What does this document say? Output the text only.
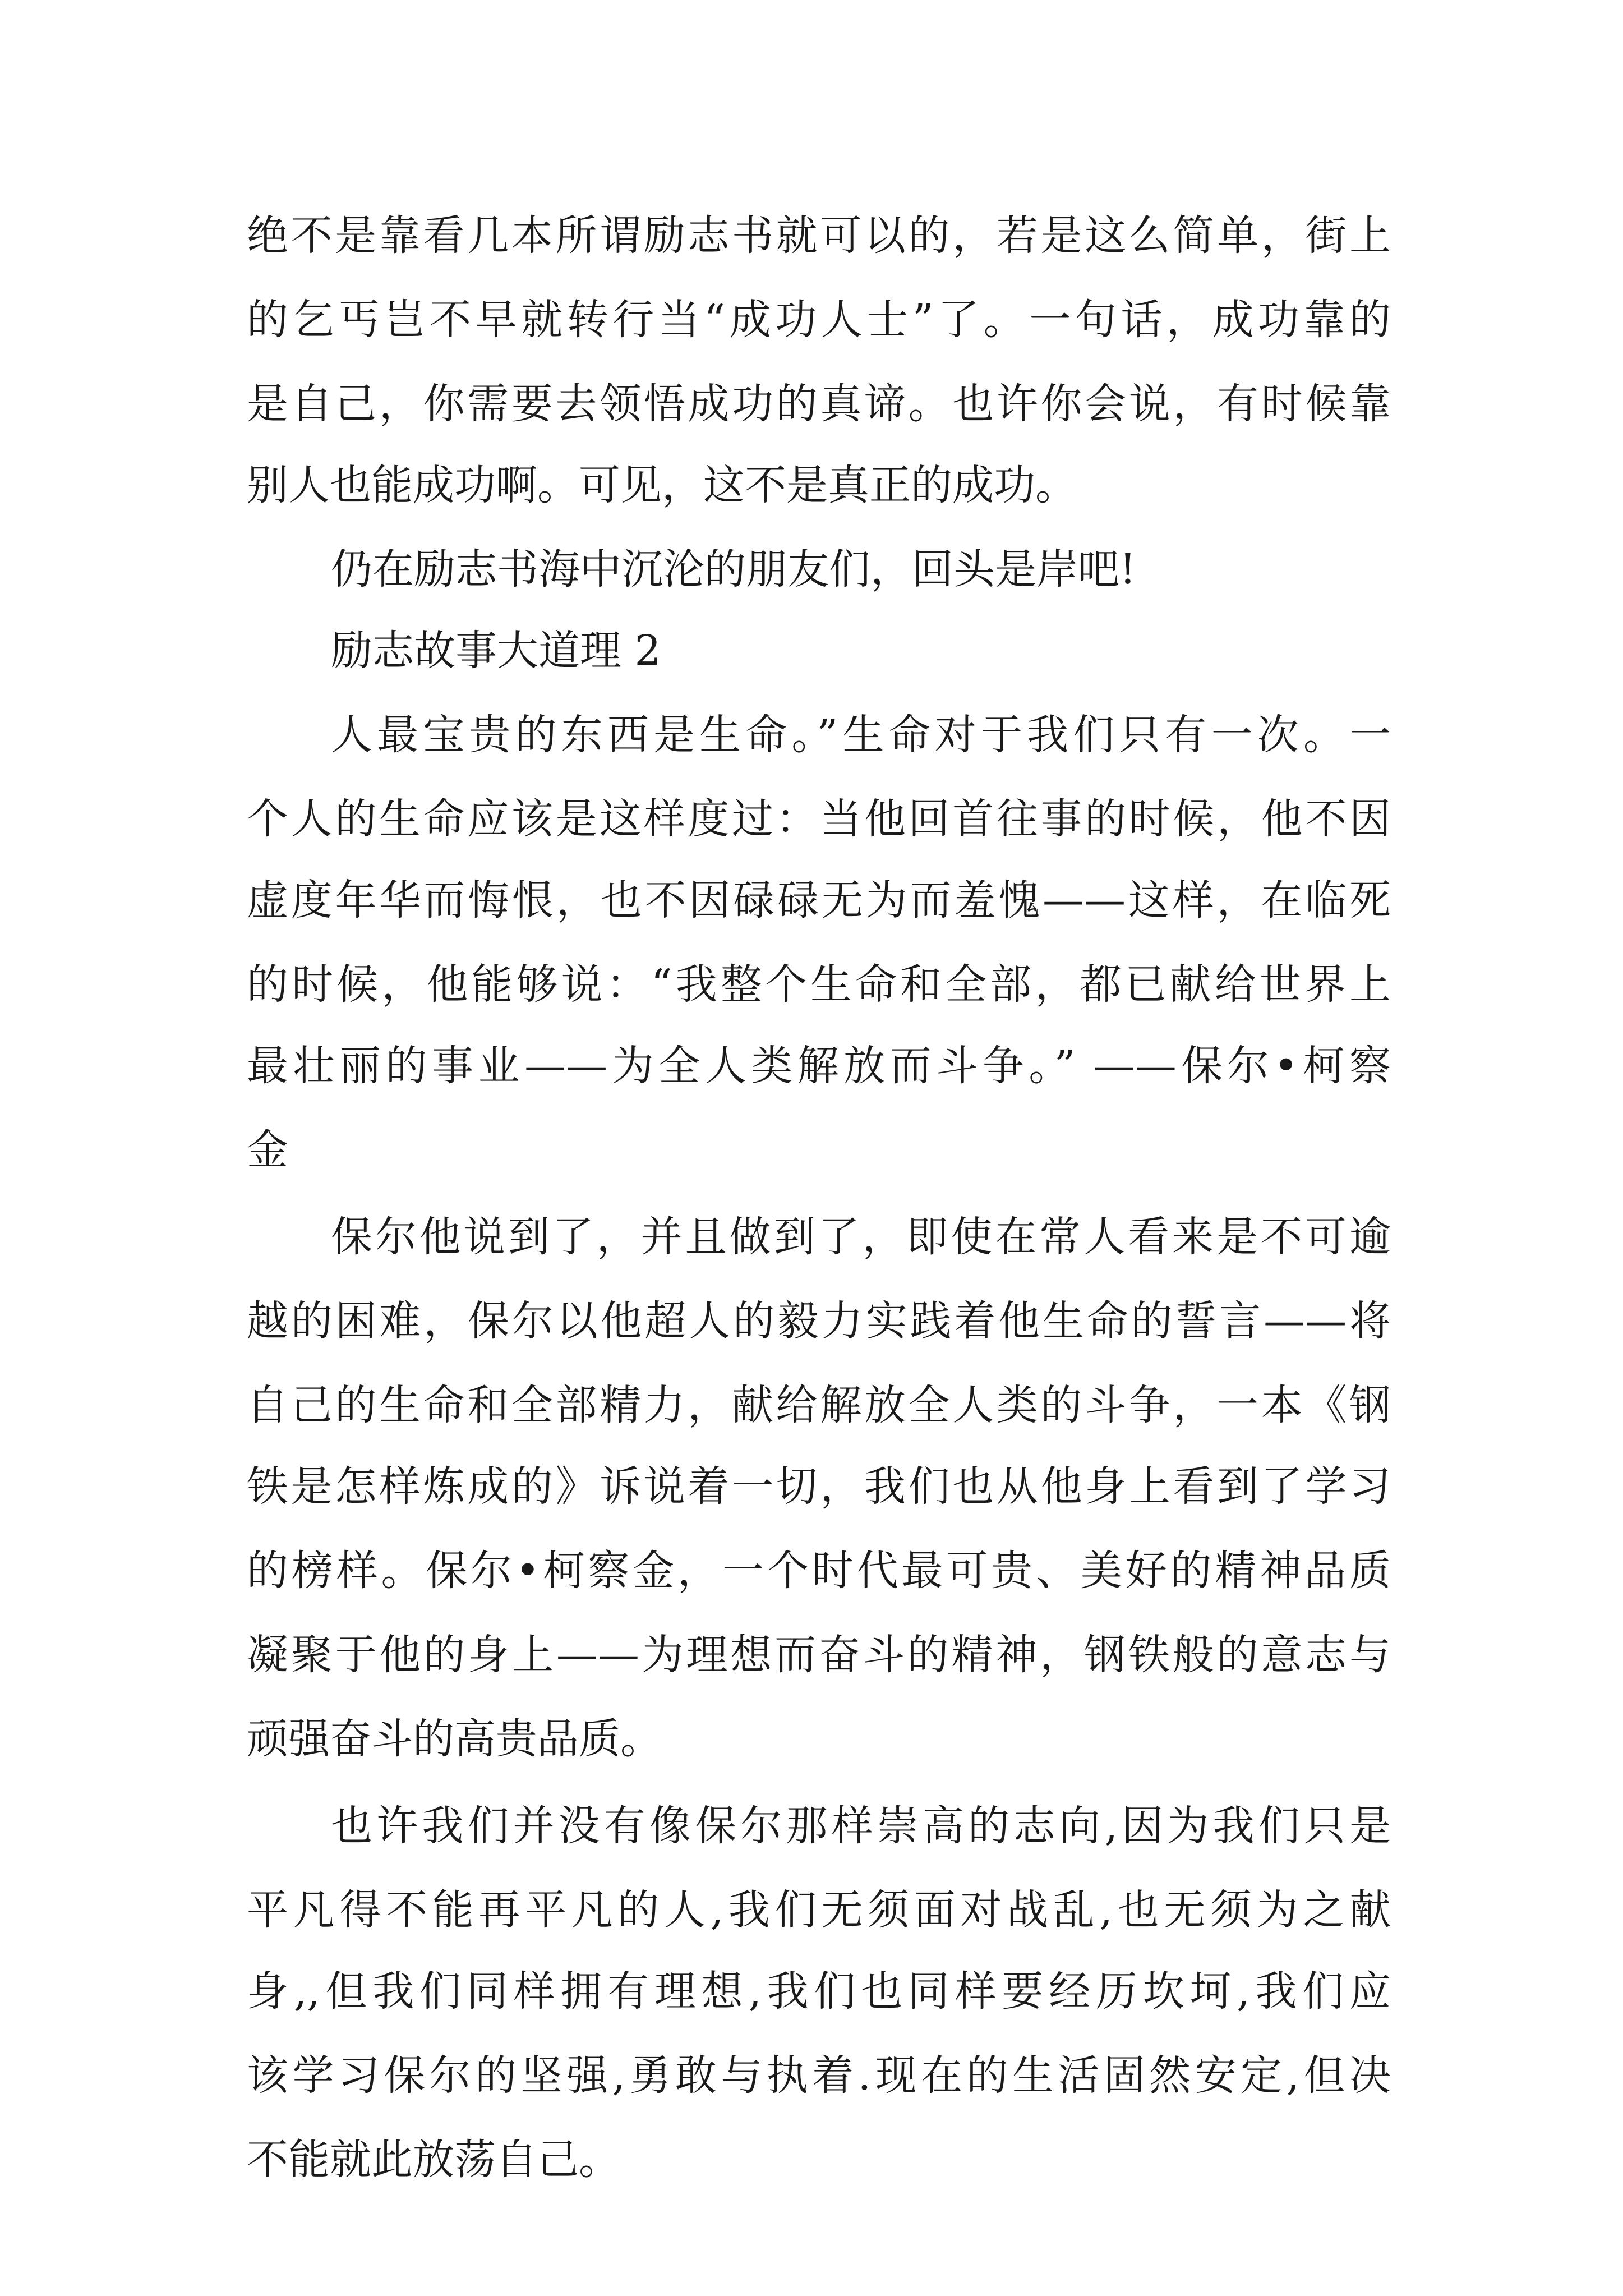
绝不是靠看几本所谓励志书就可以的，若是这么简单，街上
的乞丐岂不早就转行当“成功人士”了。一句话，成功靠的
是自己，你需要去领悟成功的真谛。也许你会说，有时候靠
别人也能成功啊。可见，这不是真正的成功。
仍在励志书海中沉沦的朋友们，回头是岸吧!
励志故事大道理 2
人最宝贵的东西是生命。”生命对于我们只有一次。一
个人的生命应该是这样度过：当他回首往事的时候，他不因
虚度年华而悔恨，也不因碌碌无为而羞愧——这样，在临死
的时候，他能够说：“我整个生命和全部，都已献给世界上
最壮丽的事业——为全人类解放而斗争。” ——保尔•柯察
金
保尔他说到了，并且做到了，即使在常人看来是不可逾
越的困难，保尔以他超人的毅力实践着他生命的誓言——将
自己的生命和全部精力，献给解放全人类的斗争，一本《钢
铁是怎样炼成的》诉说着一切，我们也从他身上看到了学习
的榜样。保尔•柯察金，一个时代最可贵、美好的精神品质
凝聚于他的身上——为理想而奋斗的精神，钢铁般的意志与
顽强奋斗的高贵品质。
也许我们并没有像保尔那样崇高的志向,因为我们只是
平凡得不能再平凡的人,我们无须面对战乱,也无须为之献
身,,但我们同样拥有理想,我们也同样要经历坎坷,我们应
该学习保尔的坚强,勇敢与执着.现在的生活固然安定,但决
不能就此放荡自己。
